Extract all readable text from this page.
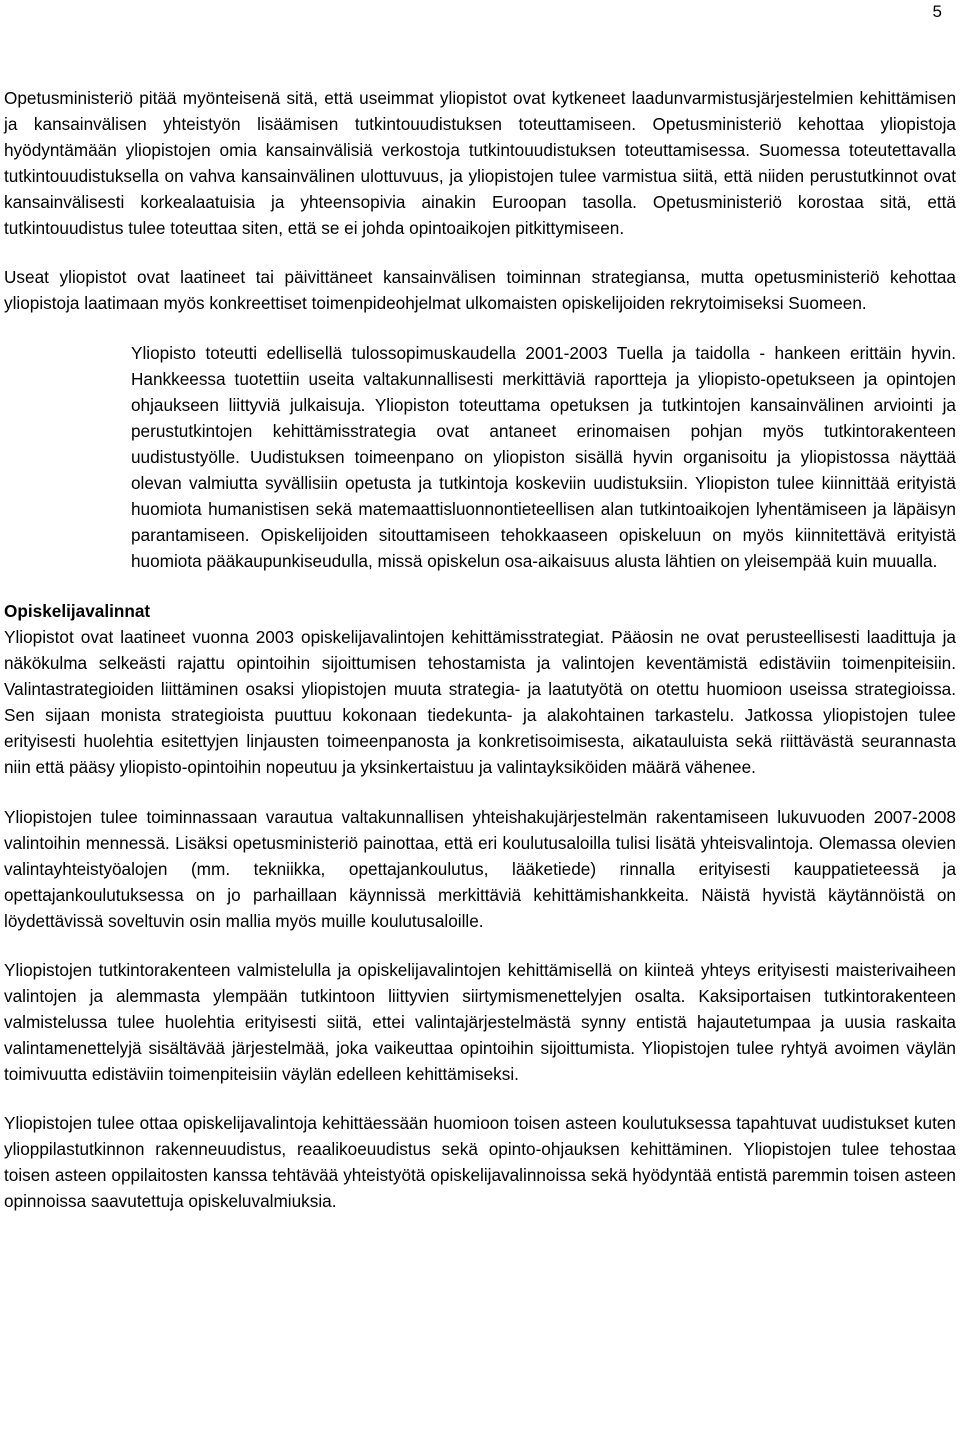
5

Opetusministeriö pitää myönteisenä sitä, että useimmat yliopistot ovat kytkeneet laadunvarmistusjärjestelmien kehittämisen ja kansainvälisen yhteistyön lisäämisen tutkintouudistuksen toteuttamiseen. Opetusministeriö kehottaa yliopistoja hyödyntämään yliopistojen omia kansainvälisiä verkostoja tutkintouudistuksen toteuttamisessa. Suomessa toteutettavalla tutkintouudistuksella on vahva kansainvälinen ulottuvuus, ja yliopistojen tulee varmistua siitä, että niiden perustutkinnot ovat kansainvälisesti korkealaatuisia ja yhteensopivia ainakin Euroopan tasolla. Opetusministeriö korostaa sitä, että tutkintouudistus tulee toteuttaa siten, että se ei johda opintoaikojen pitkittymiseen.

Useat yliopistot ovat laatineet tai päivittäneet kansainvälisen toiminnan strategiansa, mutta opetusministeriö kehottaa yliopistoja laatimaan myös konkreettiset toimenpideohjelmat ulkomaisten opiskelijoiden rekrytoimiseksi Suomeen.

Yliopisto toteutti edellisellä tulossopimuskaudella 2001-2003 Tuella ja taidolla - hankeen erittäin hyvin. Hankkeessa tuotettiin useita valtakunnallisesti merkittäviä raportteja ja yliopisto-opetukseen ja opintojen ohjaukseen liittyviä julkaisuja. Yliopiston toteuttama opetuksen ja tutkintojen kansainvälinen arviointi ja perustutkintojen kehittämisstrategia ovat antaneet erinomaisen pohjan myös tutkintorakenteen uudistustyölle. Uudistuksen toimeenpano on yliopiston sisällä hyvin organisoitu ja yliopistossa näyttää olevan valmiutta syvällisiin opetusta ja tutkintoja koskeviin uudistuksiin. Yliopiston tulee kiinnittää erityistä huomiota humanistisen sekä matemaattisluonnontieteellisen alan tutkintoaikojen lyhentämiseen ja läpäisyn parantamiseen. Opiskelijoiden sitouttamiseen tehokkaaseen opiskeluun on myös kiinnitettävä erityistä huomiota pääkaupunkiseudulla, missä opiskelun osa-aikaisuus alusta lähtien on yleisempää kuin muualla.

Opiskelijavalinnat

Yliopistot ovat laatineet vuonna 2003 opiskelijavalintojen kehittämisstrategiat. Pääosin ne ovat perusteellisesti laadittuja ja näkökulma selkeästi rajattu opintoihin sijoittumisen tehostamista ja valintojen keventämistä edistäviin toimenpiteisiin. Valintastrategioiden liittäminen osaksi yliopistojen muuta strategia- ja laatutyötä on otettu huomioon useissa strategioissa. Sen sijaan monista strategioista puuttuu kokonaan tiedekunta- ja alakohtainen tarkastelu. Jatkossa yliopistojen tulee erityisesti huolehtia esitettyjen linjausten toimeenpanosta ja konkretisoimisesta, aikatauluista sekä riittävästä seurannasta niin että pääsy yliopisto-opintoihin nopeutuu ja yksinkertaistuu ja valintayksiköiden määrä vähenee.

Yliopistojen tulee toiminnassaan varautua valtakunnallisen yhteishakujärjestelmän rakentamiseen lukuvuoden 2007-2008 valintoihin mennessä. Lisäksi opetusministeriö painottaa, että eri koulutusaloilla tulisi lisätä yhteisvalintoja. Olemassa olevien valintayhteistyöalojen (mm. tekniikka, opettajankoulutus, lääketiede) rinnalla erityisesti kauppatieteessä ja opettajankoulutuksessa on jo parhaillaan käynnissä merkittäviä kehittämishankkeita. Näistä hyvistä käytännöistä on löydettävissä soveltuvin osin mallia myös muille koulutusaloille.

Yliopistojen tutkintorakenteen valmistelulla ja opiskelijavalintojen kehittämisellä on kiinteä yhteys erityisesti maisterivaiheen valintojen ja alemmasta ylempään tutkintoon liittyvien siirtymismenettelyjen osalta. Kaksiportaisen tutkintorakenteen valmistelussa tulee huolehtia erityisesti siitä, ettei valintajärjestelmästä synny entistä hajautetumpaa ja uusia raskaita valintamenettelyjä sisältävää järjestelmää, joka vaikeuttaa opintoihin sijoittumista. Yliopistojen tulee ryhtyä avoimen väylän toimivuutta edistäviin toimenpiteisiin väylän edelleen kehittämiseksi.

Yliopistojen tulee ottaa opiskelijavalintoja kehittäessään huomioon toisen asteen koulutuksessa tapahtuvat uudistukset kuten ylioppilastutkinnon rakenneuudistus, reaalikoeuudistus sekä opinto-ohjauksen kehittäminen. Yliopistojen tulee tehostaa toisen asteen oppilaitosten kanssa tehtävää yhteistyötä opiskelijavalinnoissa sekä hyödyntää entistä paremmin toisen asteen opinnoissa saavutettuja opiskeluvalmiuksia.
